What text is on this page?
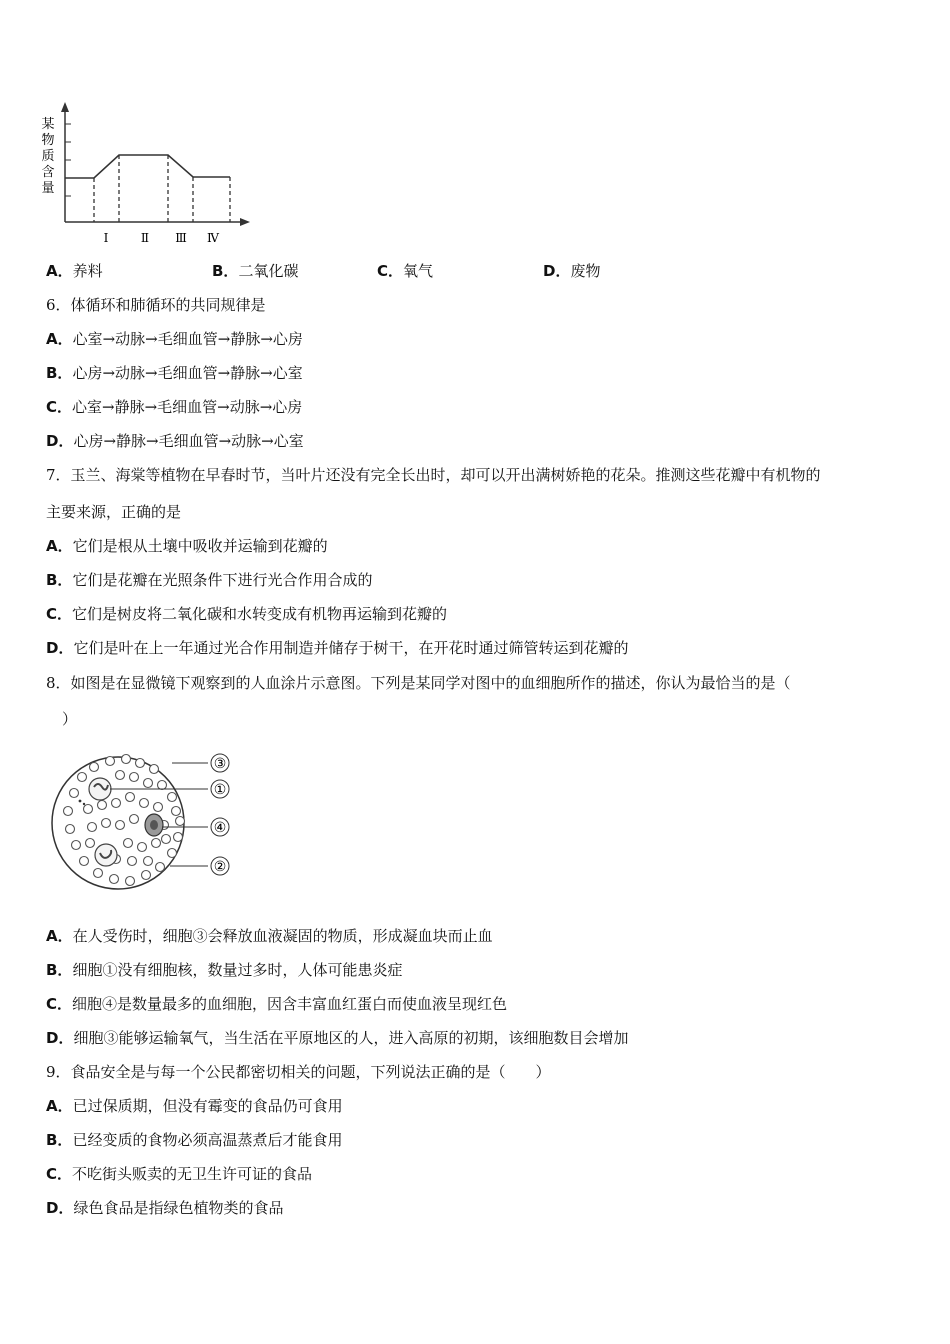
某
物
质
含
量
Ⅰ	Ⅱ Ⅲ Ⅳ
A．养料	B．二氧化碳	C．氧气	D．废物
6．体循环和肺循环的共同规律是
A．心室→动脉→毛细血管→静脉→心房
B．心房→动脉→毛细血管→静脉→心室
C．心室→静脉→毛细血管→动脉→心房
D．心房→静脉→毛细血管→动脉→心室
7．玉兰、海棠等植物在早春时节，当叶片还没有完全长出时，却可以开出满树娇艳的花朵。推测这些花瓣中有机物的
主要来源，正确的是
A．它们是根从土壤中吸收并运输到花瓣的
B．它们是花瓣在光照条件下进行光合作用合成的
C．它们是树皮将二氧化碳和水转变成有机物再运输到花瓣的
D．它们是叶在上一年通过光合作用制造并储存于树干，在开花时通过筛管转运到花瓣的
8．如图是在显微镜下观察到的人血涂片示意图。下列是某同学对图中的血细胞所作的描述，你认为最恰当的是（
）
③
①
④
②
A．在人受伤时，细胞③会释放血液凝固的物质，形成凝血块而止血
B．细胞①没有细胞核，数量过多时，人体可能患炎症
C．细胞④是数量最多的血细胞，因含丰富血红蛋白而使血液呈现红色
D．细胞③能够运输氧气，当生活在平原地区的人，进入高原的初期，该细胞数目会增加
9．食品安全是与每一个公民都密切相关的问题，下列说法正确的是（　　）
A．已过保质期，但没有霉变的食品仍可食用
B．已经变质的食物必须高温蒸煮后才能食用
C．不吃街头贩卖的无卫生许可证的食品
D．绿色食品是指绿色植物类的食品
